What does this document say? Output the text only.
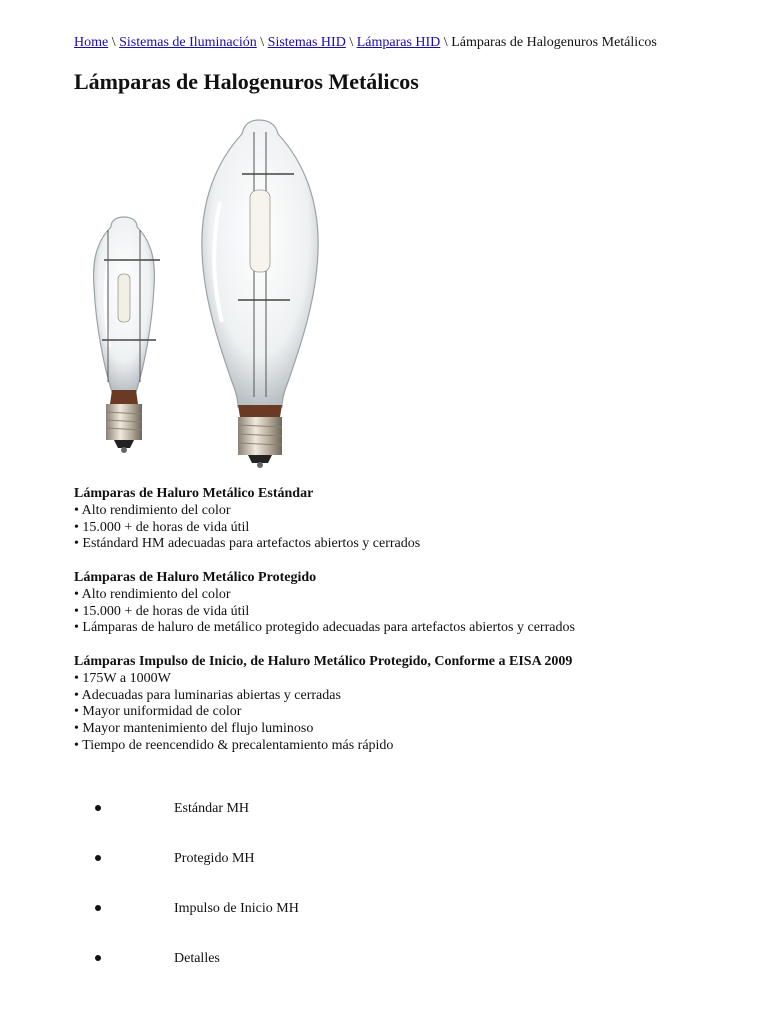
Home \ Sistemas de Iluminación \ Sistemas HID \ Lámparas HID \ Lámparas de Halogenuros Metálicos
Lámparas de Halogenuros Metálicos
Lámparas de Haluro Metálico Estándar
• Alto rendimiento del color
• 15.000 + de horas de vida útil
• Estándard HM adecuadas para artefactos abiertos y cerrados
Lámparas de Haluro Metálico Protegido
• Alto rendimiento del color
• 15.000 + de horas de vida útil
• Lámparas de haluro de metálico protegido adecuadas para artefactos abiertos y cerrados
Lámparas Impulso de Inicio, de Haluro Metálico Protegido, Conforme a EISA 2009
• 175W a 1000W
• Adecuadas para luminarias abiertas y cerradas
• Mayor uniformidad de color
• Mayor mantenimiento del flujo luminoso
• Tiempo de reencendido & precalentamiento más rápido
Estándar MH
Protegido MH
Impulso de Inicio MH
Detalles
